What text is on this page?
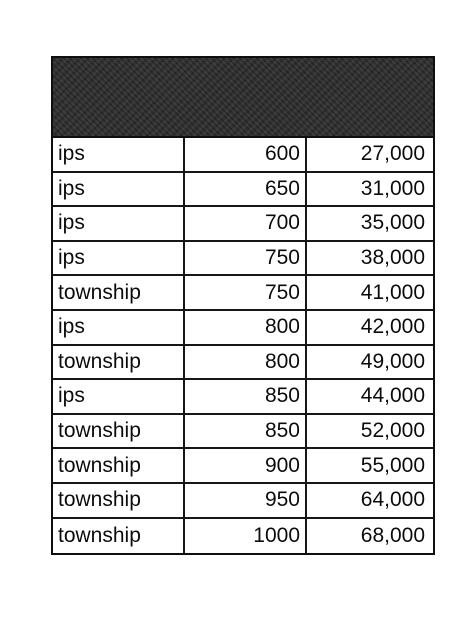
ips	600	27,000
ips	650	31,000
ips	700	35,000
ips	750	38,000
township	750	41,000
ips	800	42,000
township	800	49,000
ips	850	44,000
township	850	52,000
township	900	55,000
township	950	64,000
township	1000	68,000
